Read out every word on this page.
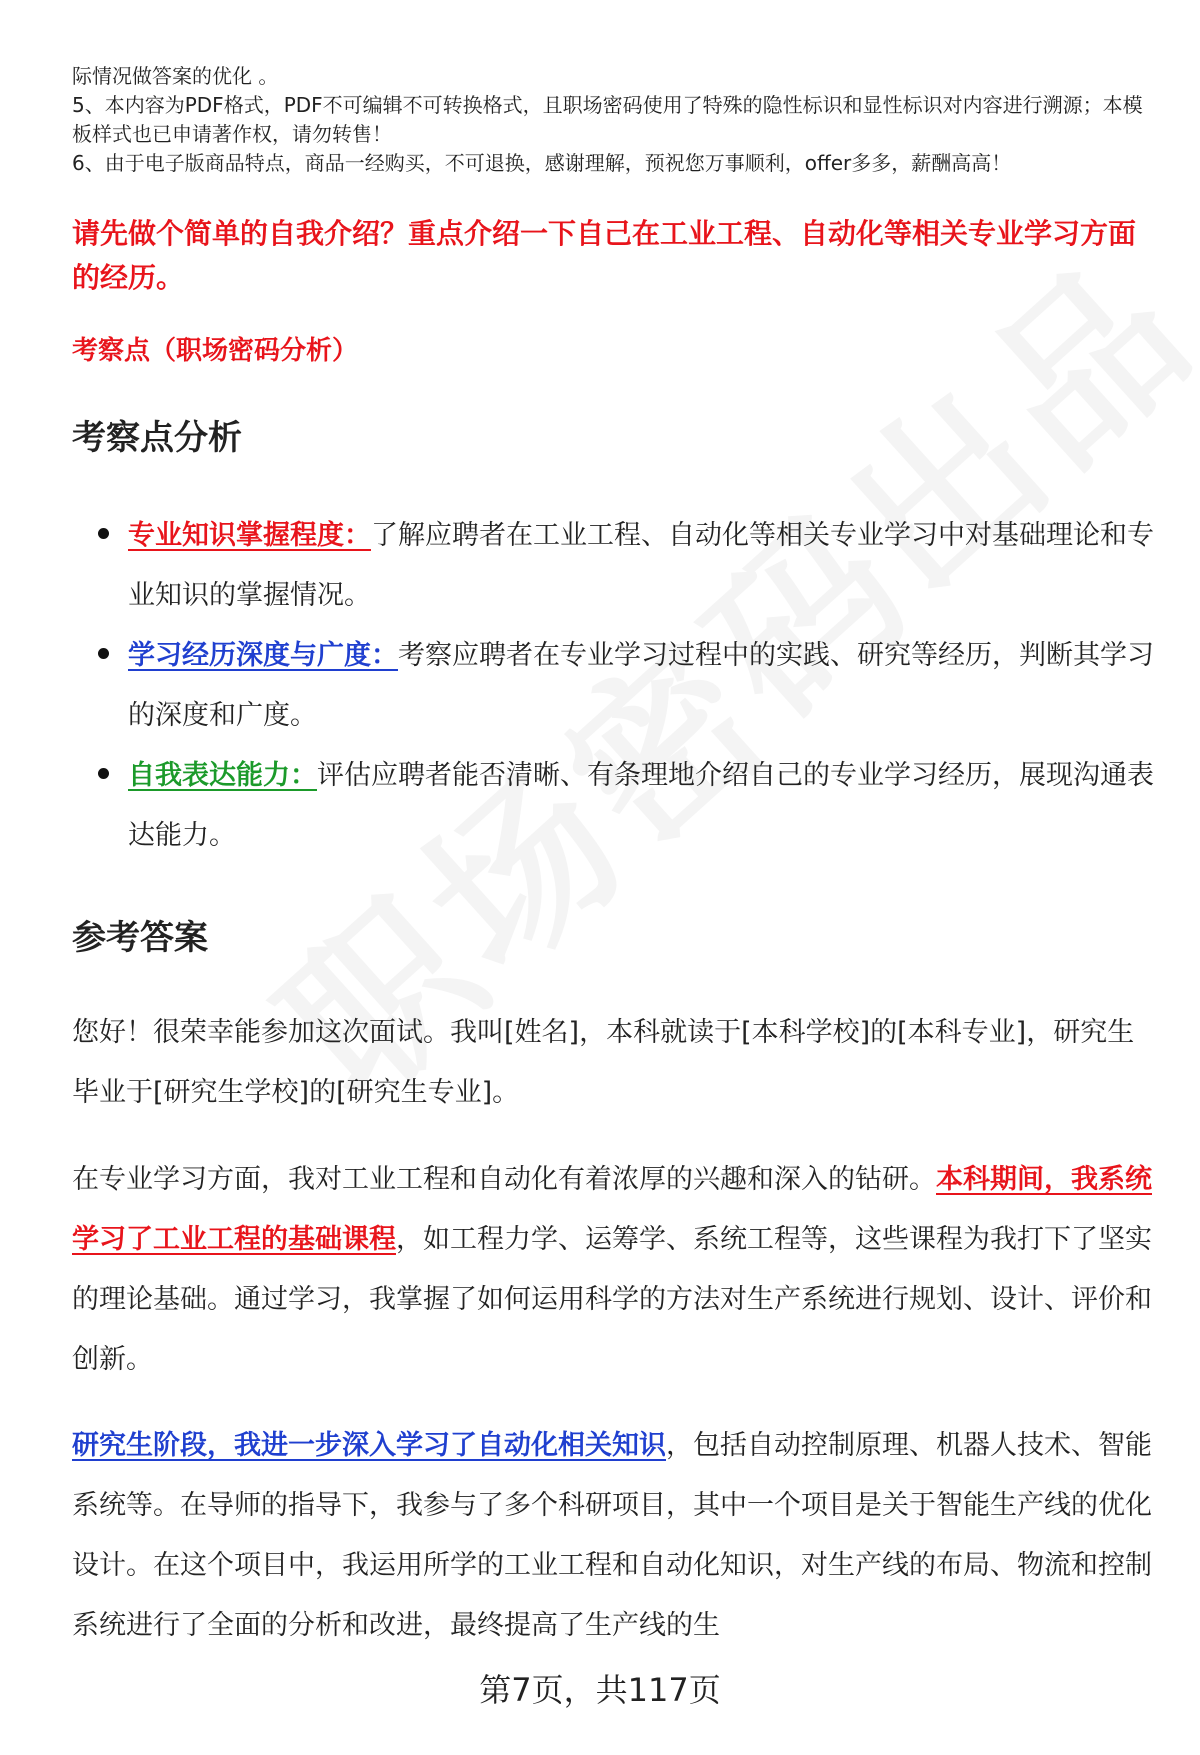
际情况做答案的优化 。

5、本内容为PDF格式，PDF不可编辑不可转换格式，且职场密码使用了特殊的隐性标识和显性标识对内容进行溯源；本模板样式也已申请著作权，请勿转售！

6、由于电子版商品特点，商品一经购买，不可退换，感谢理解，预祝您万事顺利，offer多多，薪酬高高！

请先做个简单的自我介绍？重点介绍一下自己在工业工程、自动化等相关专业学习方面的经历。
考察点（职场密码分析）
考察点分析
专业知识掌握程度：了解应聘者在工业工程、自动化等相关专业学习中对基础理论和专业知识的掌握情况。
学习经历深度与广度：考察应聘者在专业学习过程中的实践、研究等经历，判断其学习的深度和广度。
自我表达能力：评估应聘者能否清晰、有条理地介绍自己的专业学习经历，展现沟通表达能力。
参考答案

您好！很荣幸能参加这次面试。我叫[姓名]，本科就读于[本科学校]的[本科专业]，研究生毕业于[研究生学校]的[研究生专业]。

在专业学习方面，我对工业工程和自动化有着浓厚的兴趣和深入的钻研。本科期间，我系统学习了工业工程的基础课程，如工程力学、运筹学、系统工程等，这些课程为我打下了坚实的理论基础。通过学习，我掌握了如何运用科学的方法对生产系统进行规划、设计、评价和创新。

研究生阶段，我进一步深入学习了自动化相关知识，包括自动控制原理、机器人技术、智能系统等。在导师的指导下，我参与了多个科研项目，其中一个项目是关于智能生产线的优化设计。在这个项目中，我运用所学的工业工程和自动化知识，对生产线的布局、物流和控制系统进行了全面的分析和改进，最终提高了生产线的生

第7页，共117页
